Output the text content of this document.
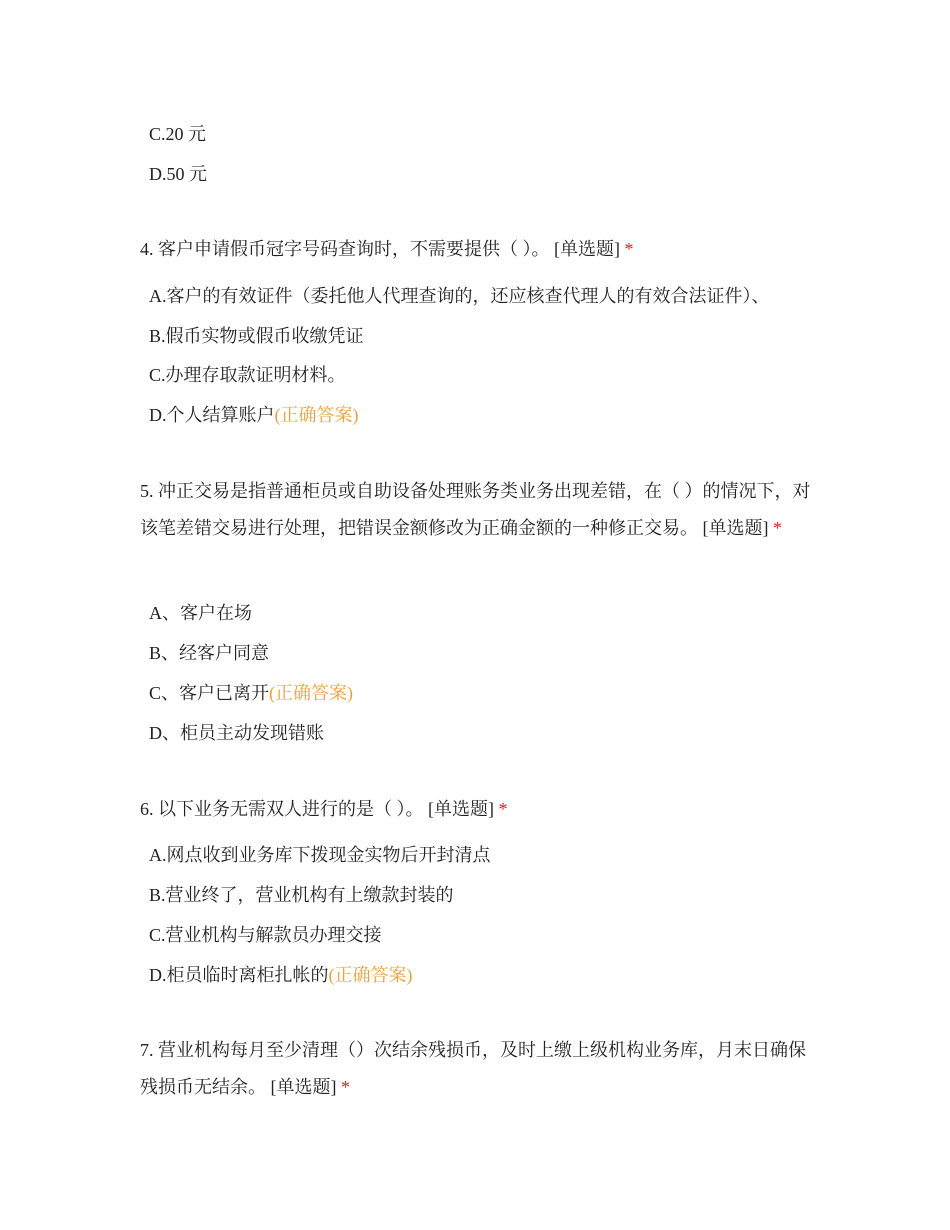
C.20 元
D.50 元
4. 客户申请假币冠字号码查询时，不需要提供（ ）。 [单选题] *
A.客户的有效证件（委托他人代理查询的，还应核查代理人的有效合法证件）、
B.假币实物或假币收缴凭证
C.办理存取款证明材料。
D.个人结算账户(正确答案)
5. 冲正交易是指普通柜员或自助设备处理账务类业务出现差错，在（ ）的情况下，对该笔差错交易进行处理，把错误金额修改为正确金额的一种修正交易。 [单选题] *
A、客户在场
B、经客户同意
C、客户已离开(正确答案)
D、柜员主动发现错账
6. 以下业务无需双人进行的是（ ）。 [单选题] *
A.网点收到业务库下拨现金实物后开封清点
B.营业终了，营业机构有上缴款封装的
C.营业机构与解款员办理交接
D.柜员临时离柜扎帐的(正确答案)
7. 营业机构每月至少清理（）次结余残损币，及时上缴上级机构业务库，月末日确保残损币无结余。 [单选题] *
